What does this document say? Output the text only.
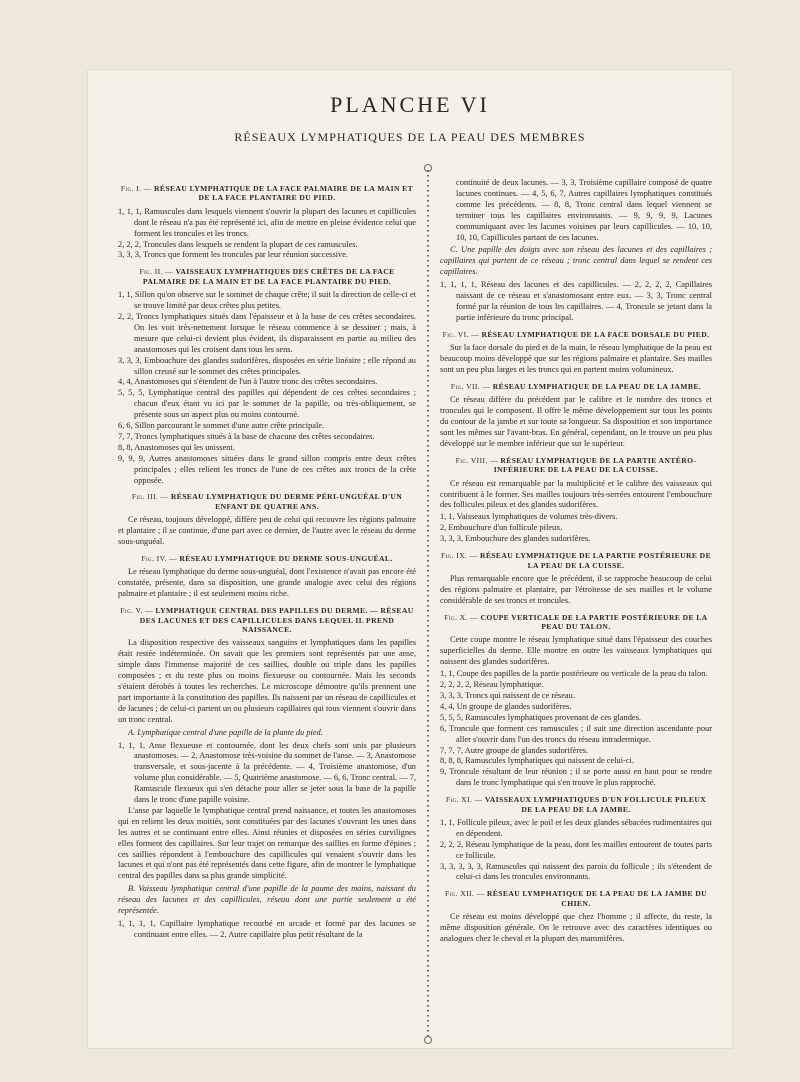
PLANCHE VI
RÉSEAUX LYMPHATIQUES DE LA PEAU DES MEMBRES
Fig. I. — RÉSEAU LYMPHATIQUE DE LA FACE PALMAIRE DE LA MAIN ET DE LA FACE PLANTAIRE DU PIED.

1, 1, 1, Ramuscules dans lesquels viennent s'ouvrir la plupart des lacunes et capillicules dont le réseau n'a pas été représenté ici, afin de mettre en pleine évidence celui que forment les troncules et les troncs.

2, 2, 2, Troncules dans lesquels se rendent la plupart de ces ramuscules.

3, 3, 3, Troncs que forment les troncules par leur réunion successive.

Fig. II. — VAISSEAUX LYMPHATIQUES DES CRÊTES DE LA FACE PALMAIRE DE LA MAIN ET DE LA FACE PLANTAIRE DU PIED.

1, 1, Sillon qu'on observe sur le sommet de chaque crête; il suit la direction de celle-ci et se trouve limité par deux crêtes plus petites.

2, 2, Troncs lymphatiques situés dans l'épaisseur et à la base de ces crêtes secondaires. On les voit très-nettement lorsque le réseau commence à se dessiner ; mais, à mesure que celui-ci devient plus évident, ils disparaissent en partie au milieu des anastomoses qui les croisent dans tous les sens.

3, 3, 3, Embouchure des glandes sudorifères, disposées en série linéaire ; elle répond au sillon creusé sur le sommet des crêtes principales.

4, 4, Anastomoses qui s'étendent de l'un à l'autre tronc des crêtes secondaires.

5, 5, 5, Lymphatique central des papilles qui dépendent de ces crêtes secondaires ; chacun d'eux étant vu ici par le sommet de la papille, ou très-obliquement, se présente sous un aspect plus ou moins contourné.

6, 6, Sillon parcourant le sommet d'une autre crête principale.

7, 7, Troncs lymphatiques situés à la base de chacune des crêtes secondaires.

8, 8, Anastomoses qui les unissent.

9, 9, 9, Autres anastomoses situées dans le grand sillon compris entre deux crêtes principales ; elles relient les troncs de l'une de ces crêtes aux troncs de la crête opposée.

Fig. III. — RÉSEAU LYMPHATIQUE DU DERME PÉRI-UNGUÉAL D'UN ENFANT DE QUATRE ANS.

Ce réseau, toujours développé, diffère peu de celui qui recouvre les régions palmaire et plantaire ; il se continue, d'une part avec ce dernier, de l'autre avec le réseau du derme sous-unguéal.

Fig. IV. — RÉSEAU LYMPHATIQUE DU DERME SOUS-UNGUÉAL.

Le réseau lymphatique du derme sous-unguéal, dont l'existence n'avait pas encore été constatée, présente, dans sa disposition, une grande analogie avec celui des régions palmaire et plantaire ; il est seulement moins riche.

Fig. V. — LYMPHATIQUE CENTRAL DES PAPILLES DU DERME. — RÉSEAU DES LACUNES ET DES CAPILLICULES DANS LEQUEL IL PREND NAISSANCE.

La disposition respective des vaisseaux sanguins et lymphatiques dans les papilles était restée indéterminée. On savait que les premiers sont représentés par une anse, simple dans l'immense majorité de ces saillies, double ou triple dans les papilles composées ; et du reste plus ou moins flexueuse ou contournée. Mais les seconds s'étaient dérobés à toutes les recherches. Le microscope démontre qu'ils prennent une part importante à la constitution des papilles. Ils naissent par un réseau de capillicules et de lacunes ; de celui-ci partent un ou plusieurs capillaires qui tous viennent s'ouvrir dans un tronc central.

A. Lymphatique central d'une papille de la plante du pied.

1, 1, 1, Anse flexueuse et contournée, dont les deux chefs sont unis par plusieurs anastomoses. — 2, Anastomose très-voisine du sommet de l'anse. — 3, Anastomose transversale, et sous-jacente à la précédente. — 4, Troisième anastomose, d'un volume plus considérable. — 5, Quatrième anastomose. — 6, 6, Tronc central. — 7, Ramuscule flexueux qui s'en détache pour aller se jeter sous la base de la papille dans le tronc d'une papille voisine.

L'anse par laquelle le lymphatique central prend naissance, et toutes les anastomoses qui en relient les deux moitiés, sont constituées par des lacunes s'ouvrant les unes dans les autres et se continuant entre elles. Ainsi réunies et disposées en séries curvilignes elles forment des capillaires. Sur leur trajet on remarque des saillies en forme d'épines ; ces saillies répondent à l'embouchure des capillicules qui venaient s'ouvrir dans les lacunes et qui n'ont pas été représentés dans cette figure, afin de montrer le lymphatique central des papilles dans sa plus grande simplicité.

B. Vaisseau lymphatique central d'une papille de la paume des mains, naissant du réseau des lacunes et des capillicules, réseau dont une partie seulement a été représentée.

1, 1, 1, 1, Capillaire lymphatique recourbé en arcade et formé par des lacunes se continuant entre elles. — 2, Autre capillaire plus petit résultant de la

continuité de deux lacunes. — 3, 3, Troisième capillaire composé de quatre lacunes continues. — 4, 5, 6, 7, Autres capillaires lymphatiques constitués comme les précédents. — 8, 8, Tronc central dans lequel viennent se terminer tous les capillaires environnants. — 9, 9, 9, 9, Lacunes communiquant avec les lacunes voisines par leurs capillicules. — 10, 10, 10, 10, Capillicules partant de ces lacunes.

C. Une papille des doigts avec son réseau des lacunes et des capillaires ; capillaires qui partent de ce réseau ; tronc central dans lequel se rendent ces capillaires.

1, 1, 1, 1, Réseau des lacunes et des capillicules. — 2, 2, 2, 2, Capillaires naissant de ce réseau et s'anastomosant entre eux. — 3, 3, Tronc central formé par la réunion de tous les capillaires. — 4, Troncule se jetant dans la partie inférieure du tronc principal.

Fig. VI. — RÉSEAU LYMPHATIQUE DE LA FACE DORSALE DU PIED.

Sur la face dorsale du pied et de la main, le réseau lymphatique de la peau est beaucoup moins développé que sur les régions palmaire et plantaire. Ses mailles sont un peu plus larges et les troncs qui en partent moins volumineux.

Fig. VII. — RÉSEAU LYMPHATIQUE DE LA PEAU DE LA JAMBE.

Ce réseau diffère du précédent par le calibre et le nombre des troncs et troncules qui le composent. Il offre le même développement sur tous les points du contour de la jambe et sur toute sa longueur. Sa disposition et son importance sont les mêmes sur l'avant-bras. En général, cependant, on le trouve un peu plus développé sur le membre inférieur que sur le supérieur.

Fig. VIII. — RÉSEAU LYMPHATIQUE DE LA PARTIE ANTÉRO-INFÉRIEURE DE LA PEAU DE LA CUISSE.

Ce réseau est remarquable par la multiplicité et le calibre des vaisseaux qui contribuent à le former. Ses mailles toujours très-serrées entourent l'embouchure des follicules pileux et des glandes sudorifères.

1, 1, Vaisseaux lymphatiques de volumes très-divers.

2, Embouchure d'un follicule pileux.

3, 3, 3, Embouchure des glandes sudorifères.

Fig. IX. — RÉSEAU LYMPHATIQUE DE LA PARTIE POSTÉRIEURE DE LA PEAU DE LA CUISSE.

Plus remarquable encore que le précédent, il se rapproche beaucoup de celui des régions palmaire et plantaire, par l'étroitesse de ses mailles et le volume considérable de ses troncs et troncules.

Fig. X. — COUPE VERTICALE DE LA PARTIE POSTÉRIEURE DE LA PEAU DU TALON.

Cette coupe montre le réseau lymphatique situé dans l'épaisseur des couches superficielles du derme. Elle montre en outre les vaisseaux lymphatiques qui naissent des glandes sudorifères.

1, 1, Coupe des papilles de la partie postérieure ou verticale de la peau du talon.

2, 2, 2, 2, Réseau lymphatique.

3, 3, 3, Troncs qui naissent de ce réseau.

4, 4, Un groupe de glandes sudorifères.

5, 5, 5, Ramuscules lymphatiques provenant de ces glandes.

6, Troncule que forment ces ramuscules ; il suit une direction ascendante pour aller s'ouvrir dans l'un des troncs du réseau intradermique.

7, 7, 7, Autre groupe de glandes sudorifères.

8, 8, 8, Ramuscules lymphatiques qui naissent de celui-ci.

9, Troncule résultant de leur réunion ; il se porte aussi en haut pour se rendre dans le tronc lymphatique qui s'en trouve le plus rapproché.

Fig. XI. — VAISSEAUX LYMPHATIQUES D'UN FOLLICULE PILEUX DE LA PEAU DE LA JAMBE.

1, 1, Follicule pileux, avec le poil et les deux glandes sébacées rudimentaires qui en dépendent.

2, 2, 2, Réseau lymphatique de la peau, dont les mailles entourent de toutes parts ce follicule.

3, 3, 3, 3, 3, Ramuscules qui naissent des parois du follicule ; ils s'étendent de celui-ci dans les troncules environnants.

Fig. XII. — RÉSEAU LYMPHATIQUE DE LA PEAU DE LA JAMBE DU CHIEN.

Ce réseau est moins développé que chez l'homme ; il affecte, du reste, la même disposition générale. On le retrouve avec des caractères identiques ou analogues chez le cheval et la plupart des mammifères.
